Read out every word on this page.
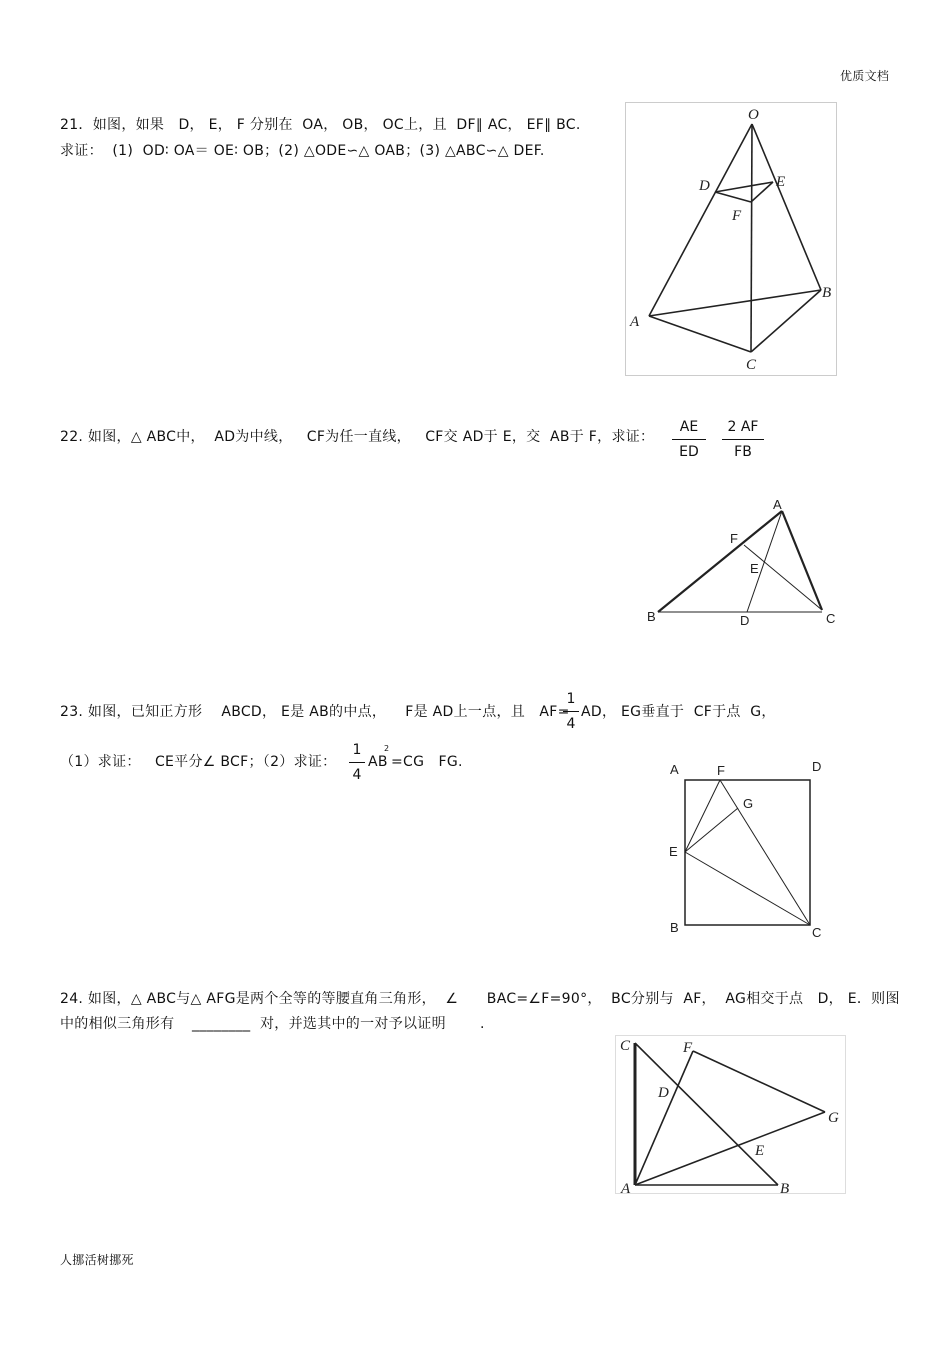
优质文档
21．如图，如果   D， E， F 分别在  OA， OB， OC上，且  DF∥ AC， EF∥ BC.
求证：  (1)  OD∶ OA＝ OE∶ OB；(2) △ODE∽△ OAB；(3) △ABC∽△ DEF.
O
D	E
F
A
B
C
22. 如图，△ ABC中，  AD为中线，   CF为任一直线，   CF交 AD于 E，交  AB于 F，求证：
AE
ED
2 AF
FB
A
F
E
B	D	C
23. 如图，已知正方形    ABCD， E是 AB的中点，    F是 AD上一点，且   AF=
1
4
AD， EG垂直于  CF于点  G，
（1）求证：   CE平分∠ BCF；（2）求证：
1
4
AB
2
=CG   FG.	A	F	D
G
E
B	C
24. 如图，△ ABC与△ AFG是两个全等的等腰直角三角形，  ∠      BAC=∠F=90°，  BC分别与  AF，  AG相交于点   D， E．则图
中的相似三角形有 ________ 对，并选其中的一对予以证明 .
C	F
D
G
E
A	B
人挪活树挪死
